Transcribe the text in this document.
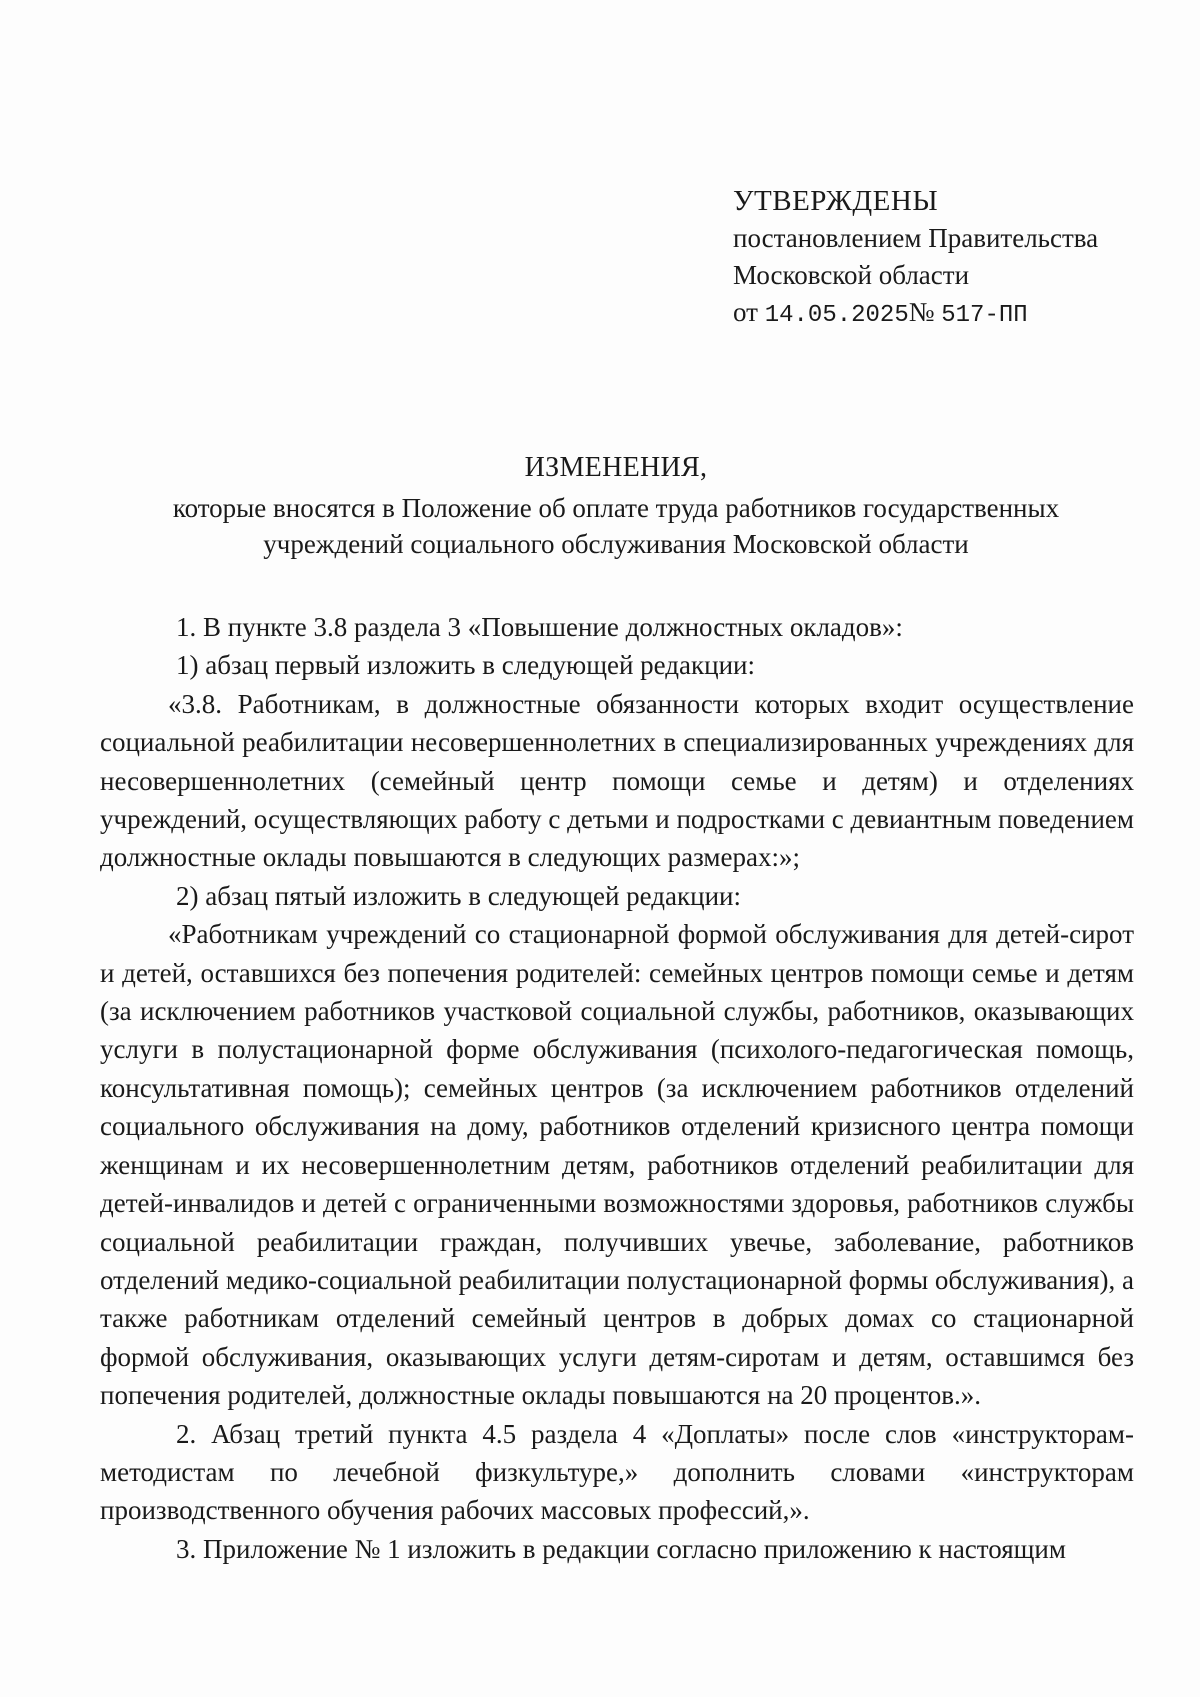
УТВЕРЖДЕНЫ
постановлением Правительства
Московской области
от 14.05.2025№ 517-ПП
ИЗМЕНЕНИЯ,
которые вносятся в Положение об оплате труда работников государственных
учреждений социального обслуживания Московской области

1. В пункте 3.8 раздела 3 «Повышение должностных окладов»:

1) абзац первый изложить в следующей редакции:

«3.8. Работникам, в должностные обязанности которых входит осуществление социальной реабилитации несовершеннолетних в специализированных учреждениях для несовершеннолетних (семейный центр помощи семье и детям) и отделениях учреждений, осуществляющих работу с детьми и подростками с девиантным поведением должностные оклады повышаются в следующих размерах:»;

2) абзац пятый изложить в следующей редакции:

«Работникам учреждений со стационарной формой обслуживания для детей-сирот и детей, оставшихся без попечения родителей: семейных центров помощи семье и детям (за исключением работников участковой социальной службы, работников, оказывающих услуги в полустационарной форме обслуживания (психолого-педагогическая помощь, консультативная помощь); семейных центров (за исключением работников отделений социального обслуживания на дому, работников отделений кризисного центра помощи женщинам и их несовершеннолетним детям, работников отделений реабилитации для детей-инвалидов и детей с ограниченными возможностями здоровья, работников службы социальной реабилитации граждан, получивших увечье, заболевание, работников отделений медико-социальной реабилитации полустационарной формы обслуживания), а также работникам отделений семейный центров в добрых домах со стационарной формой обслуживания, оказывающих услуги детям-сиротам и детям, оставшимся без попечения родителей, должностные оклады повышаются на 20 процентов.».

2. Абзац третий пункта 4.5 раздела 4 «Доплаты» после слов «инструкторам-методистам по лечебной физкультуре,» дополнить словами «инструкторам производственного обучения рабочих массовых профессий,».

3. Приложение № 1 изложить в редакции согласно приложению к настоящим
